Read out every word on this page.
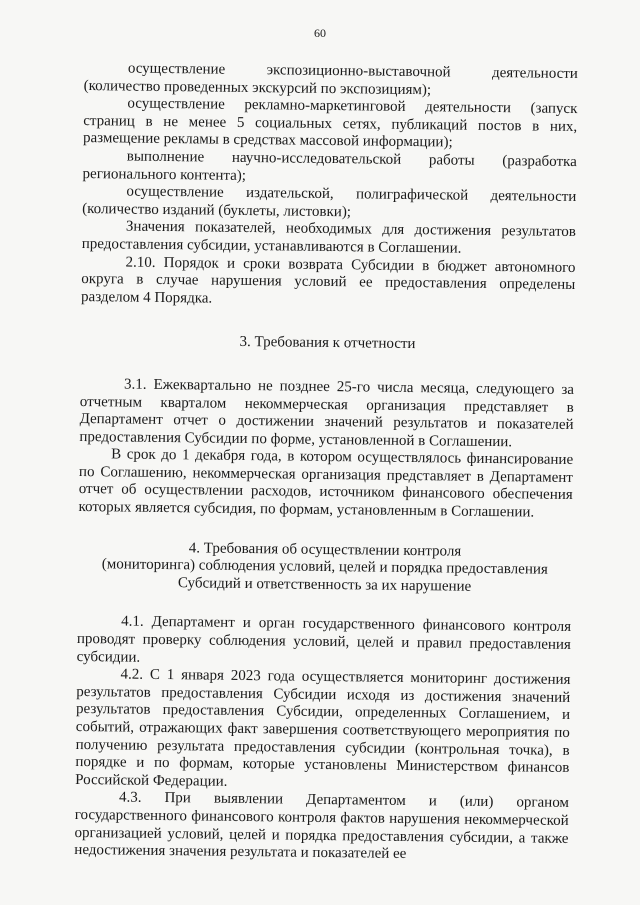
60

осуществление экспозиционно-выставочной деятельности (количество проведенных экскурсий по экспозициям);

осуществление рекламно-маркетинговой деятельности (запуск страниц в не менее 5 социальных сетях, публикаций постов в них, размещение рекламы в средствах массовой информации);

выполнение научно-исследовательской работы (разработка регионального контента);

осуществление издательской, полиграфической деятельности (количество изданий (буклеты, листовки);

Значения показателей, необходимых для достижения результатов предоставления субсидии, устанавливаются в Соглашении.

2.10. Порядок и сроки возврата Субсидии в бюджет автономного округа в случае нарушения условий ее предоставления определены разделом 4 Порядка.

3. Требования к отчетности

3.1. Ежеквартально не позднее 25-го числа месяца, следующего за отчетным кварталом некоммерческая организация представляет в Департамент отчет о достижении значений результатов и показателей предоставления Субсидии по форме, установленной в Соглашении.

В срок до 1 декабря года, в котором осуществлялось финансирование по Соглашению, некоммерческая организация представляет в Департамент отчет об осуществлении расходов, источником финансового обеспечения которых является субсидия, по формам, установленным в Соглашении.

4. Требования об осуществлении контроля

(мониторинга) соблюдения условий, целей и порядка предоставления

Субсидий и ответственность за их нарушение

4.1. Департамент и орган государственного финансового контроля проводят проверку соблюдения условий, целей и правил предоставления субсидии.

4.2. С 1 января 2023 года осуществляется мониторинг достижения результатов предоставления Субсидии исходя из достижения значений результатов предоставления Субсидии, определенных Соглашением, и событий, отражающих факт завершения соответствующего мероприятия по получению результата предоставления субсидии (контрольная точка), в порядке и по формам, которые установлены Министерством финансов Российской Федерации.

4.3. При выявлении Департаментом и (или) органом государственного финансового контроля фактов нарушения некоммерческой организацией условий, целей и порядка предоставления субсидии, а также недостижения значения результата и показателей ее
